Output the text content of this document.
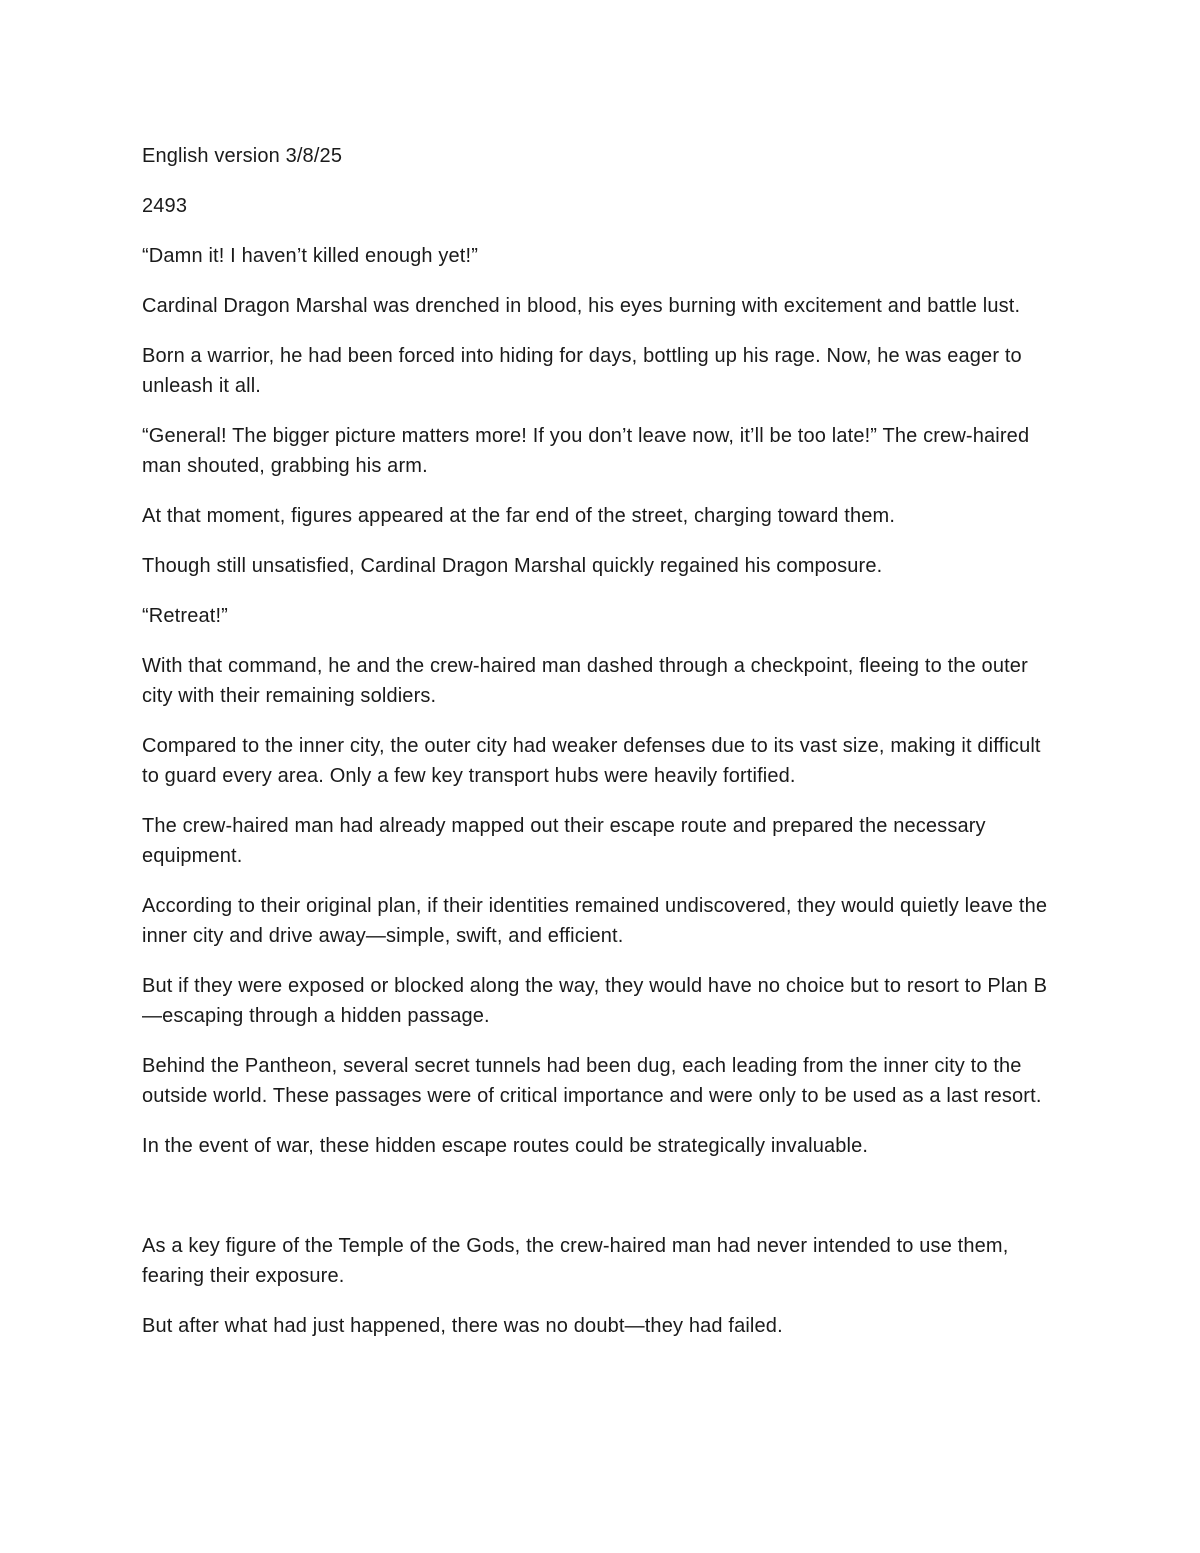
English version 3/8/25

2493

“Damn it! I haven’t killed enough yet!”

Cardinal Dragon Marshal was drenched in blood, his eyes burning with excitement and battle lust.

Born a warrior, he had been forced into hiding for days, bottling up his rage. Now, he was eager to unleash it all.

“General! The bigger picture matters more! If you don’t leave now, it’ll be too late!” The crew-haired man shouted, grabbing his arm.

At that moment, figures appeared at the far end of the street, charging toward them.

Though still unsatisfied, Cardinal Dragon Marshal quickly regained his composure.

“Retreat!”

With that command, he and the crew-haired man dashed through a checkpoint, fleeing to the outer city with their remaining soldiers.

Compared to the inner city, the outer city had weaker defenses due to its vast size, making it difficult to guard every area. Only a few key transport hubs were heavily fortified.

The crew-haired man had already mapped out their escape route and prepared the necessary equipment.

According to their original plan, if their identities remained undiscovered, they would quietly leave the inner city and drive away—simple, swift, and efficient.

But if they were exposed or blocked along the way, they would have no choice but to resort to Plan B—escaping through a hidden passage.

Behind the Pantheon, several secret tunnels had been dug, each leading from the inner city to the outside world. These passages were of critical importance and were only to be used as a last resort.

In the event of war, these hidden escape routes could be strategically invaluable.

As a key figure of the Temple of the Gods, the crew-haired man had never intended to use them, fearing their exposure.

But after what had just happened, there was no doubt—they had failed.
